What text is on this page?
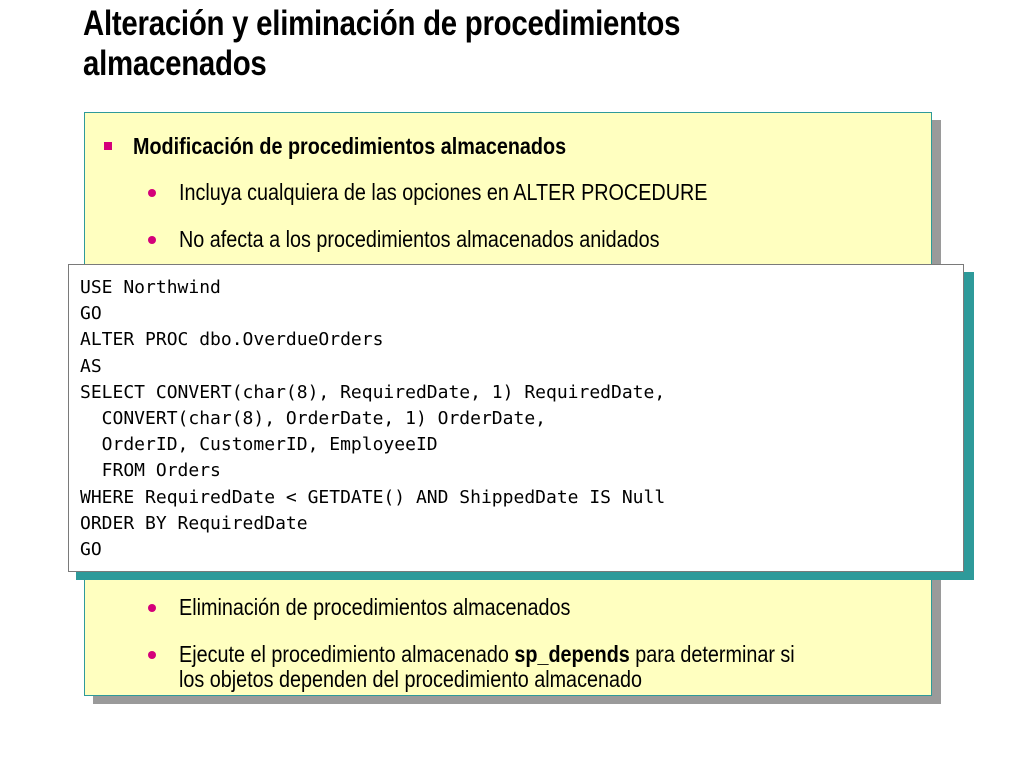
Alteración y eliminación de procedimientos
almacenados
Modificación de procedimientos almacenados
Incluya cualquiera de las opciones en ALTER PROCEDURE
No afecta a los procedimientos almacenados anidados
USE Northwind
GO
ALTER PROC dbo.OverdueOrders
AS
SELECT CONVERT(char(8), RequiredDate, 1) RequiredDate,
CONVERT(char(8), OrderDate, 1) OrderDate,
OrderID, CustomerID, EmployeeID
FROM Orders
WHERE RequiredDate < GETDATE() AND ShippedDate IS Null
ORDER BY RequiredDate
GO
Eliminación de procedimientos almacenados
Ejecute el procedimiento almacenado sp_depends para determinar si
los objetos dependen del procedimiento almacenado
